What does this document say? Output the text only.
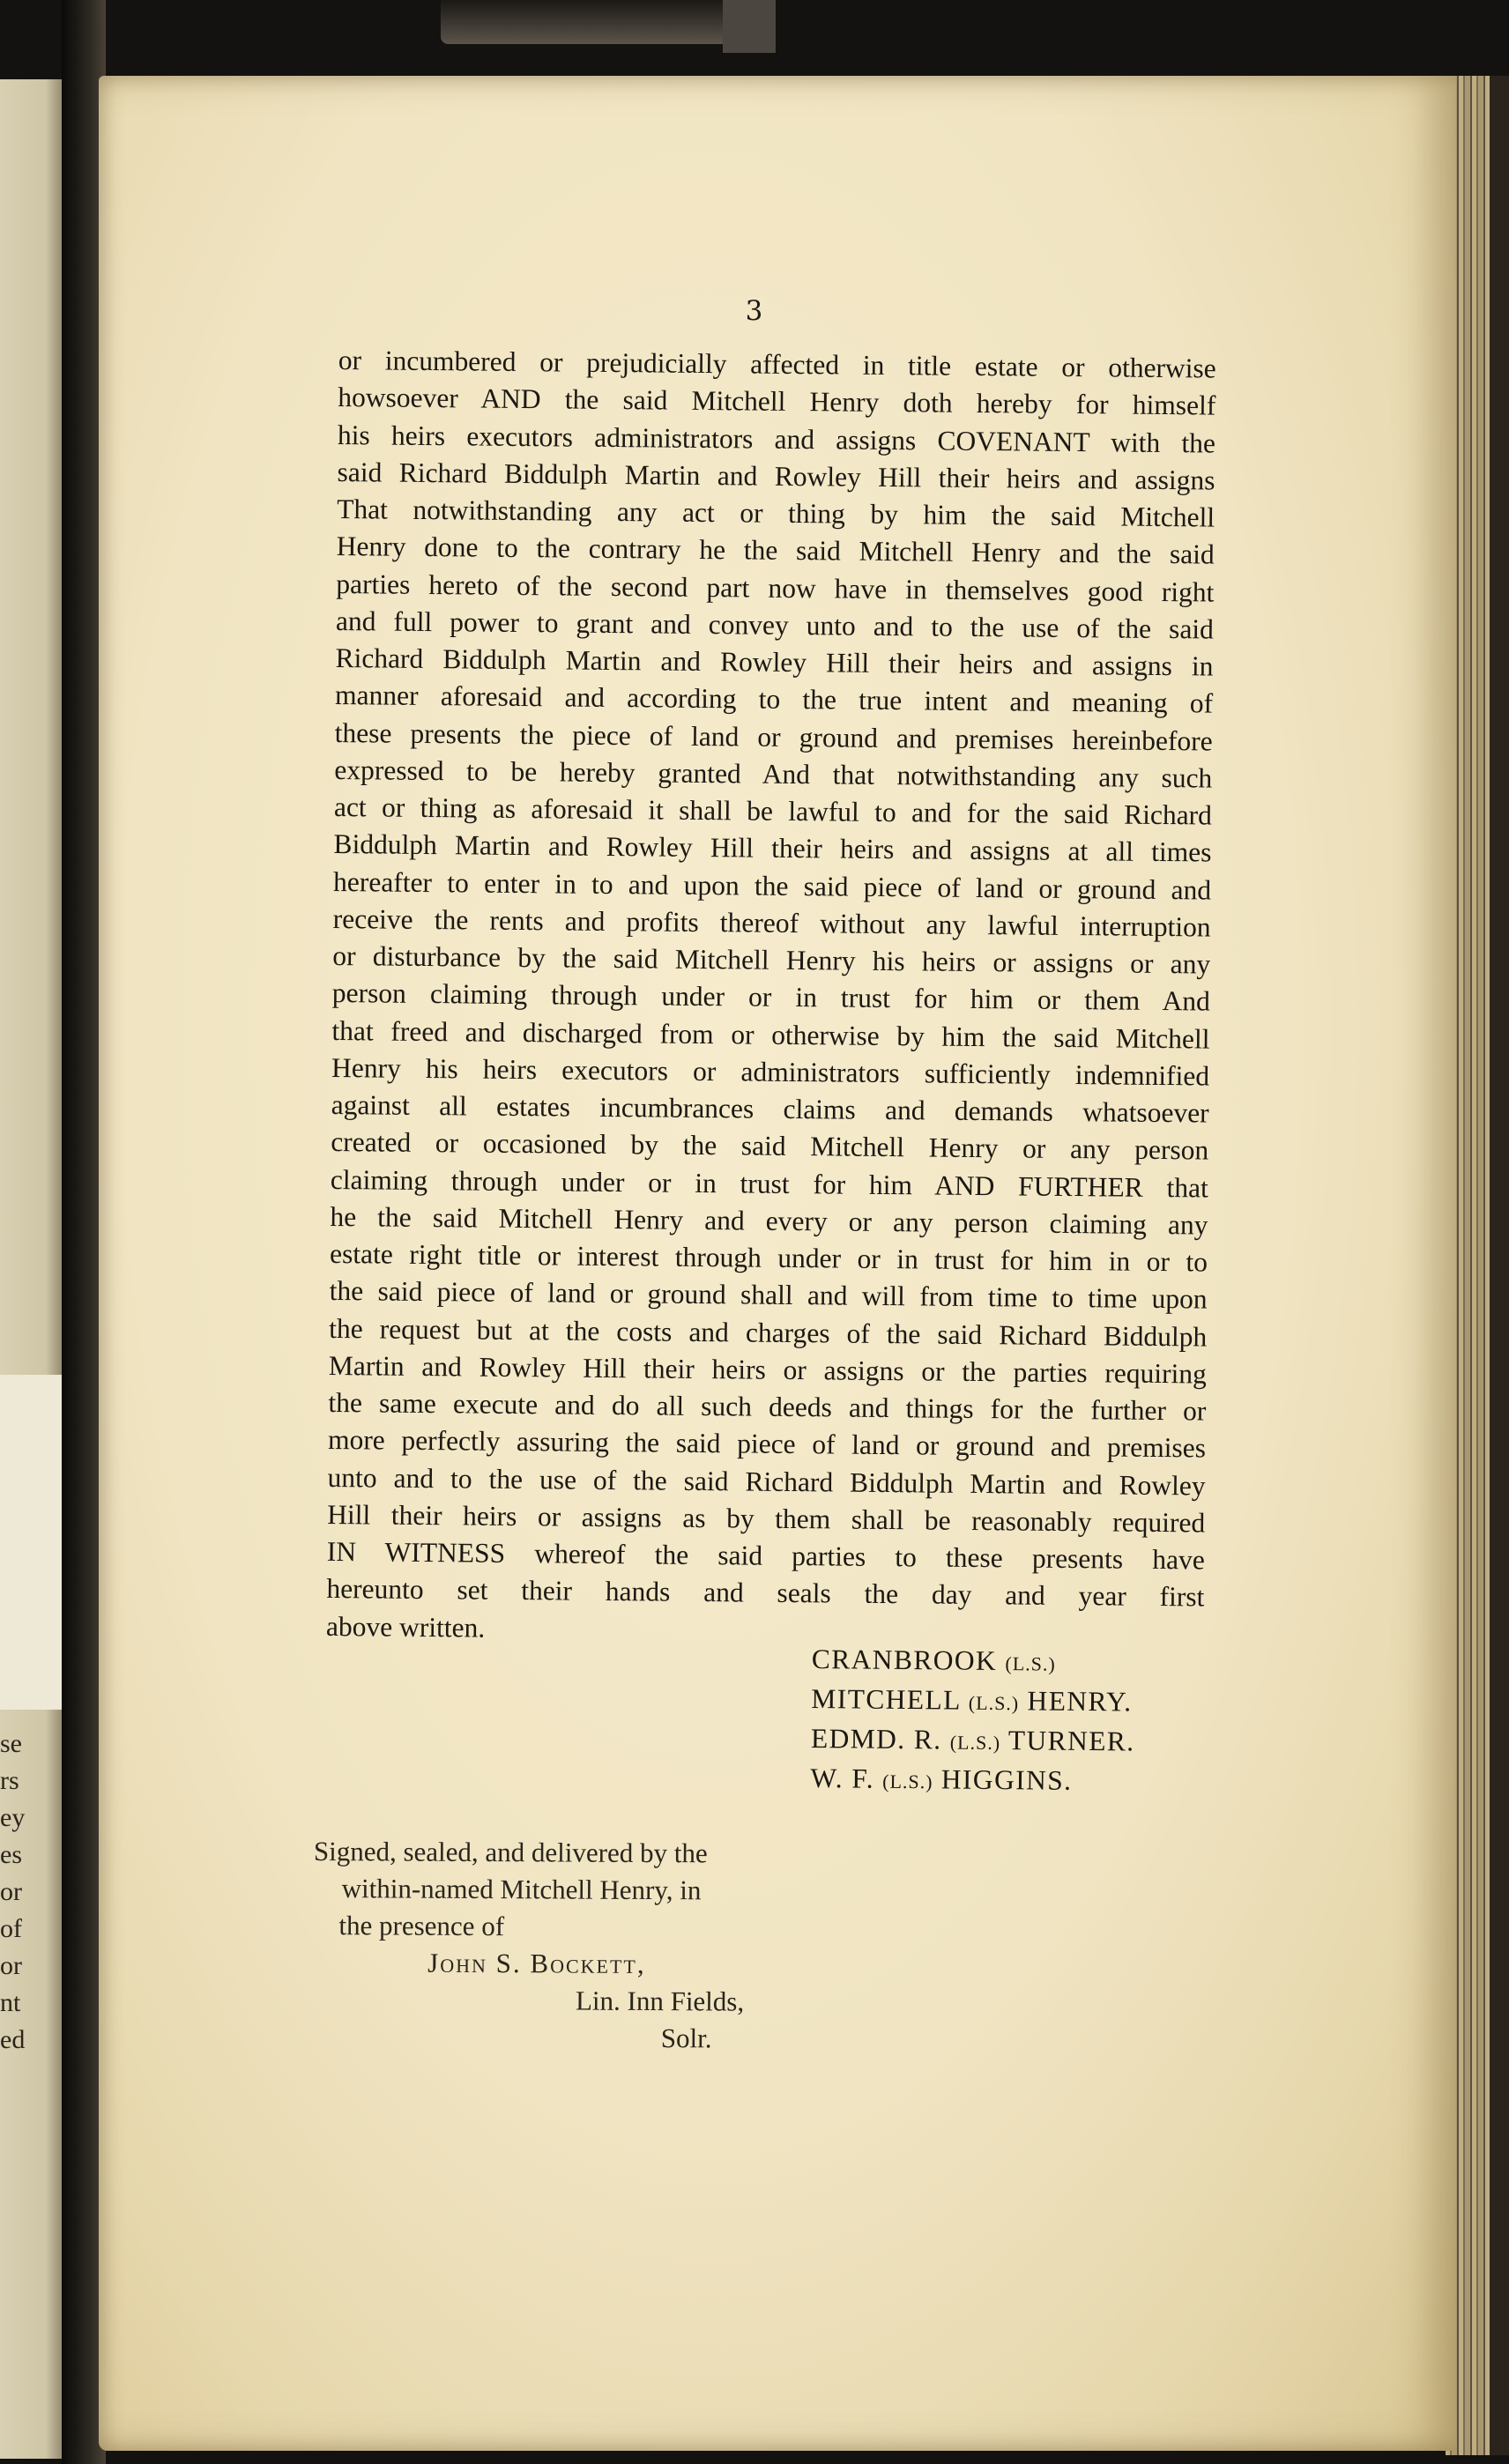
se
rs
ey
es
or
of
or
nt
ed
3
or incumbered or prejudicially affected in title estate or otherwise
howsoever AND the said Mitchell Henry doth hereby for himself
his heirs executors administrators and assigns COVENANT with the
said Richard Biddulph Martin and Rowley Hill their heirs and assigns
That notwithstanding any act or thing by him the said Mitchell
Henry done to the contrary he the said Mitchell Henry and the said
parties hereto of the second part now have in themselves good right
and full power to grant and convey unto and to the use of the said
Richard Biddulph Martin and Rowley Hill their heirs and assigns in
manner aforesaid and according to the true intent and meaning of
these presents the piece of land or ground and premises hereinbefore
expressed to be hereby granted And that notwithstanding any such
act or thing as aforesaid it shall be lawful to and for the said Richard
Biddulph Martin and Rowley Hill their heirs and assigns at all times
hereafter to enter in to and upon the said piece of land or ground and
receive the rents and profits thereof without any lawful interruption
or disturbance by the said Mitchell Henry his heirs or assigns or any
person claiming through under or in trust for him or them And
that freed and discharged from or otherwise by him the said Mitchell
Henry his heirs executors or administrators sufficiently indemnified
against all estates incumbrances claims and demands whatsoever
created or occasioned by the said Mitchell Henry or any person
claiming through under or in trust for him AND FURTHER that
he the said Mitchell Henry and every or any person claiming any
estate right title or interest through under or in trust for him in or to
the said piece of land or ground shall and will from time to time upon
the request but at the costs and charges of the said Richard Biddulph
Martin and Rowley Hill their heirs or assigns or the parties requiring
the same execute and do all such deeds and things for the further or
more perfectly assuring the said piece of land or ground and premises
unto and to the use of the said Richard Biddulph Martin and Rowley
Hill their heirs or assigns as by them shall be reasonably required
IN WITNESS whereof the said parties to these presents have
hereunto set their hands and seals the day and year first
above written.
CRANBROOK (L.S.)
MITCHELL (L.S.) HENRY.
EDMD. R. (L.S.) TURNER.
W. F. (L.S.) HIGGINS.
Signed, sealed, and delivered by the
within-named Mitchell Henry, in
the presence of
John S. Bockett,
Lin. Inn Fields,
Solr.
